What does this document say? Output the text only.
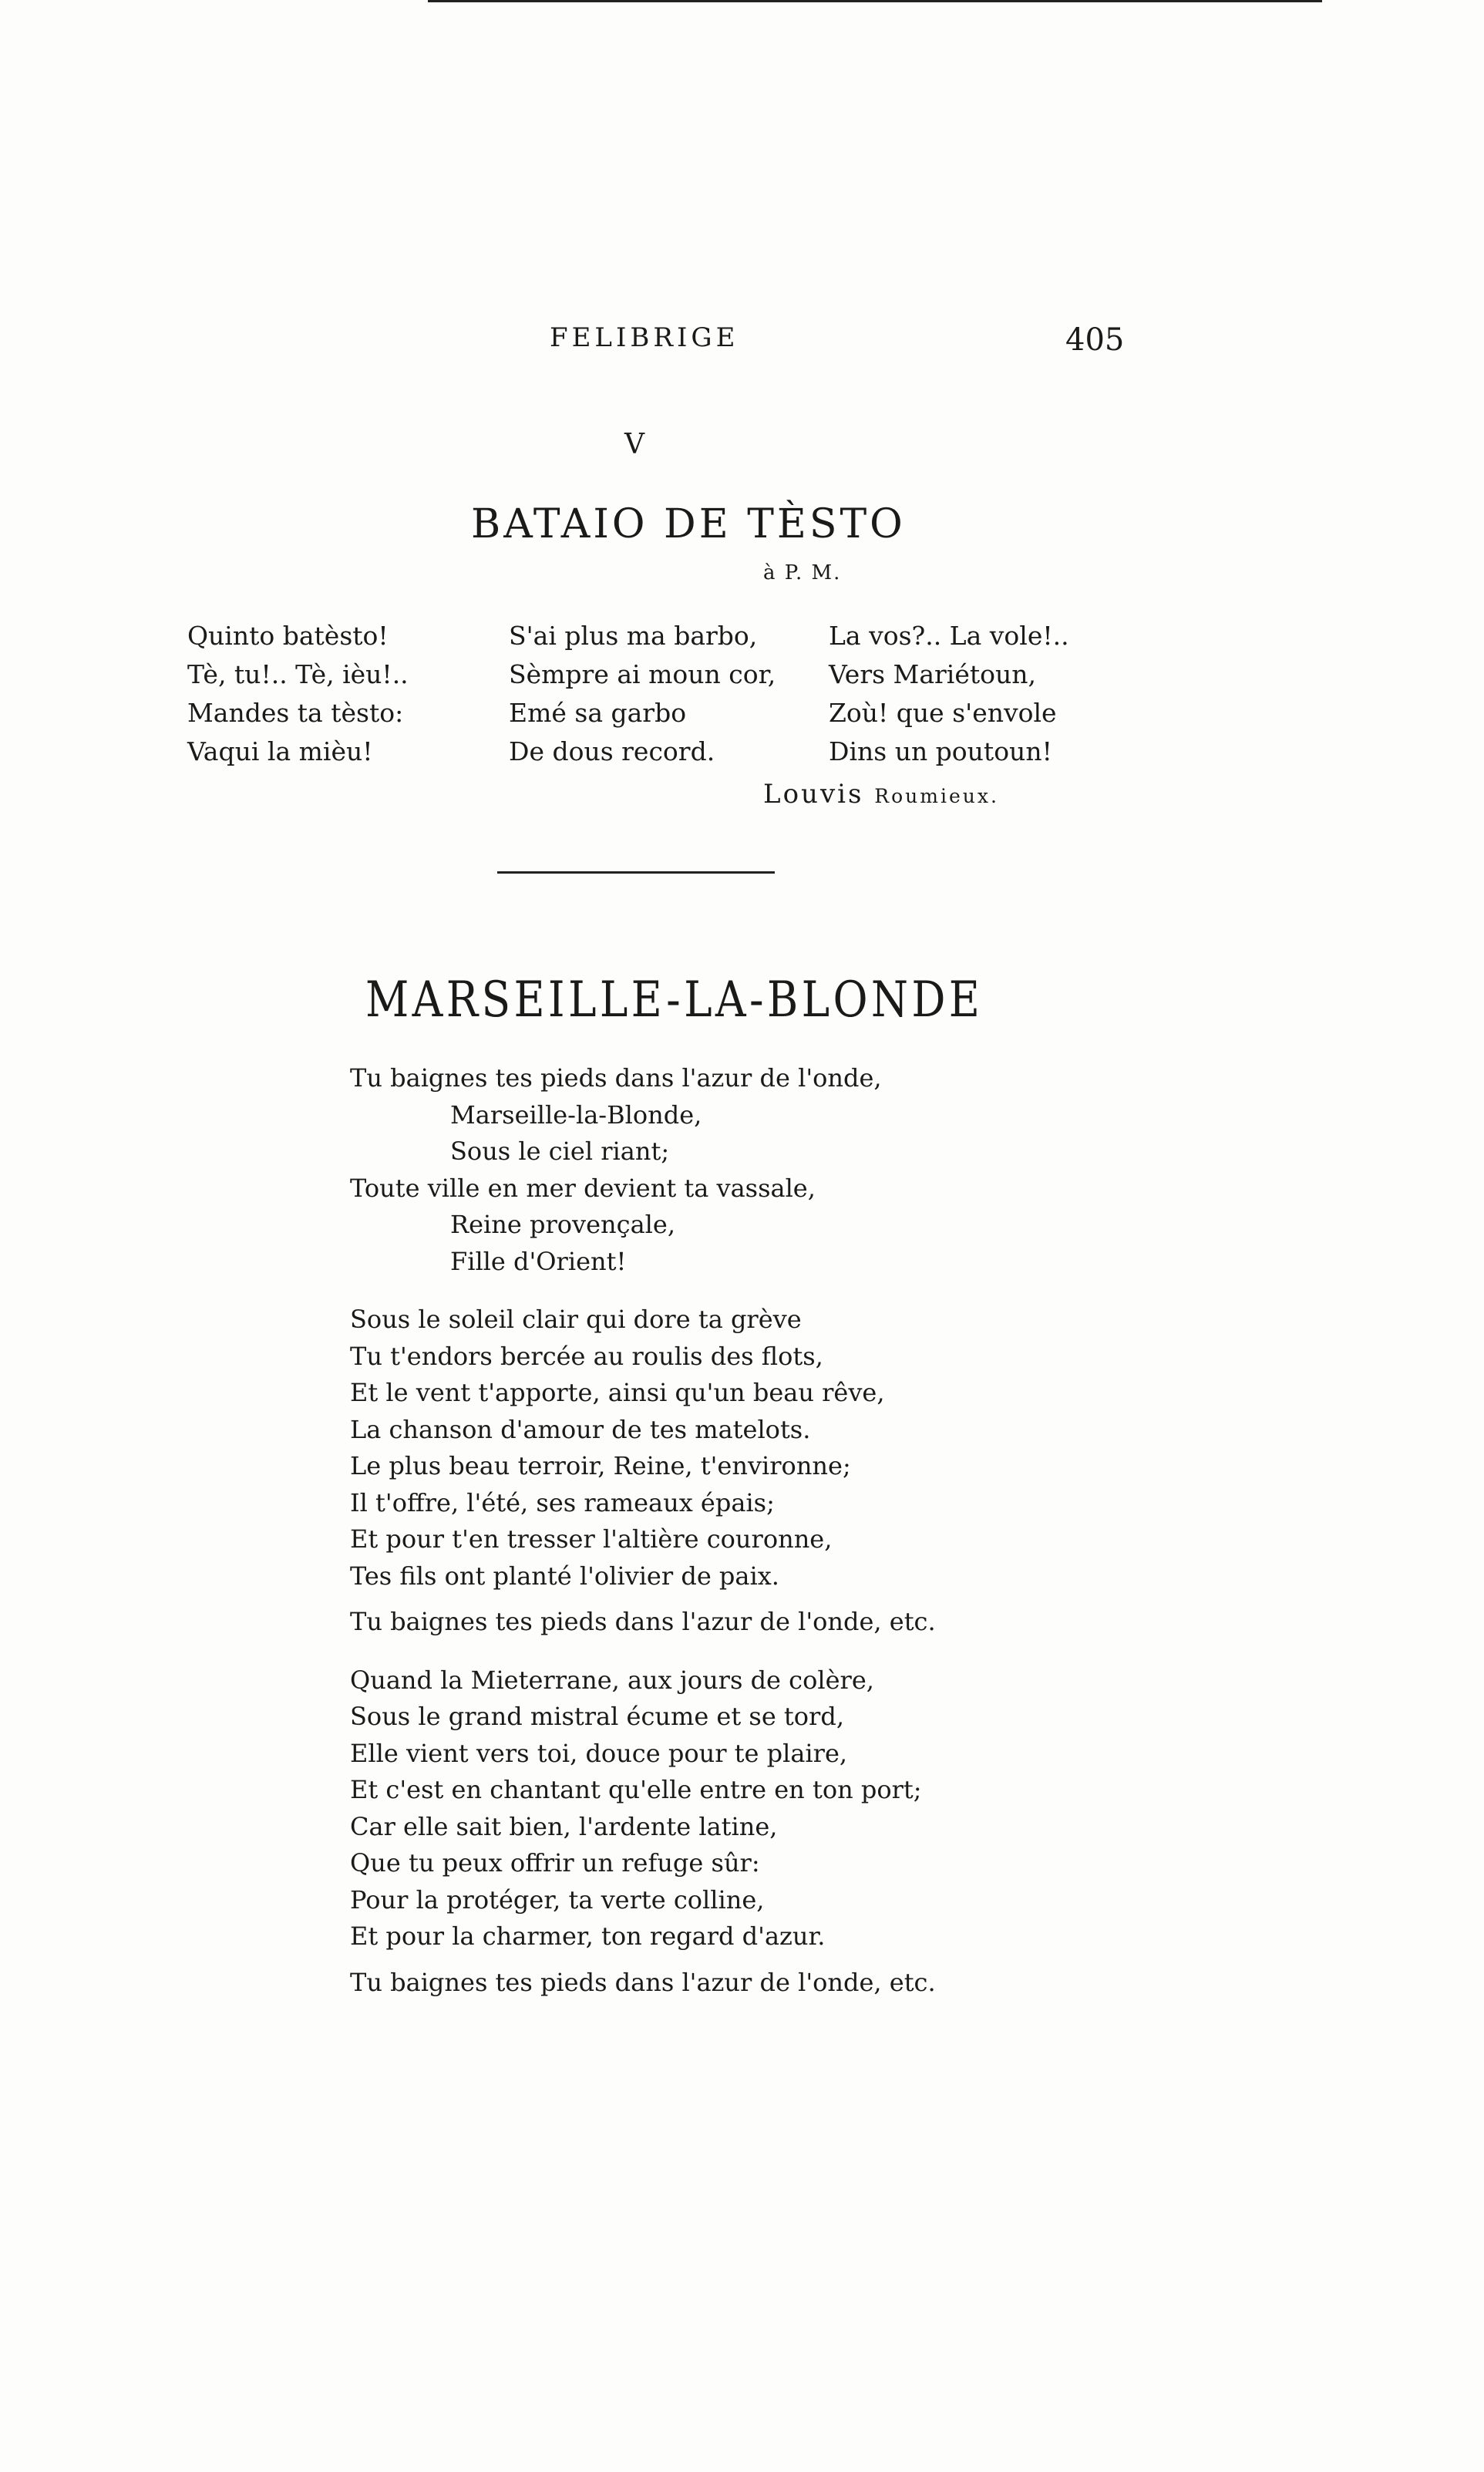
FELIBRIGE	405
V
BATAIO DE TÈSTO
à P. M.
Quinto batèsto!
Tè, tu!.. Tè, ièu!..
Mandes ta tèsto:
Vaqui la mièu!
S'ai plus ma barbo,
Sèmpre ai moun cor,
Emé sa garbo
De dous record.
La vos?.. La vole!..
Vers Mariétoun,
Zoù! que s'envole
Dins un poutoun!
Louvis Roumieux.
MARSEILLE-LA-BLONDE
Tu baignes tes pieds dans l'azur de l'onde,
Marseille-la-Blonde,
Sous le ciel riant;
Toute ville en mer devient ta vassale,
Reine provençale,
Fille d'Orient!
Sous le soleil clair qui dore ta grève
Tu t'endors bercée au roulis des flots,
Et le vent t'apporte, ainsi qu'un beau rêve,
La chanson d'amour de tes matelots.
Le plus beau terroir, Reine, t'environne;
Il t'offre, l'été, ses rameaux épais;
Et pour t'en tresser l'altière couronne,
Tes fils ont planté l'olivier de paix.
Tu baignes tes pieds dans l'azur de l'onde, etc.
Quand la Mieterrane, aux jours de colère,
Sous le grand mistral écume et se tord,
Elle vient vers toi, douce pour te plaire,
Et c'est en chantant qu'elle entre en ton port;
Car elle sait bien, l'ardente latine,
Que tu peux offrir un refuge sûr:
Pour la protéger, ta verte colline,
Et pour la charmer, ton regard d'azur.
Tu baignes tes pieds dans l'azur de l'onde, etc.
